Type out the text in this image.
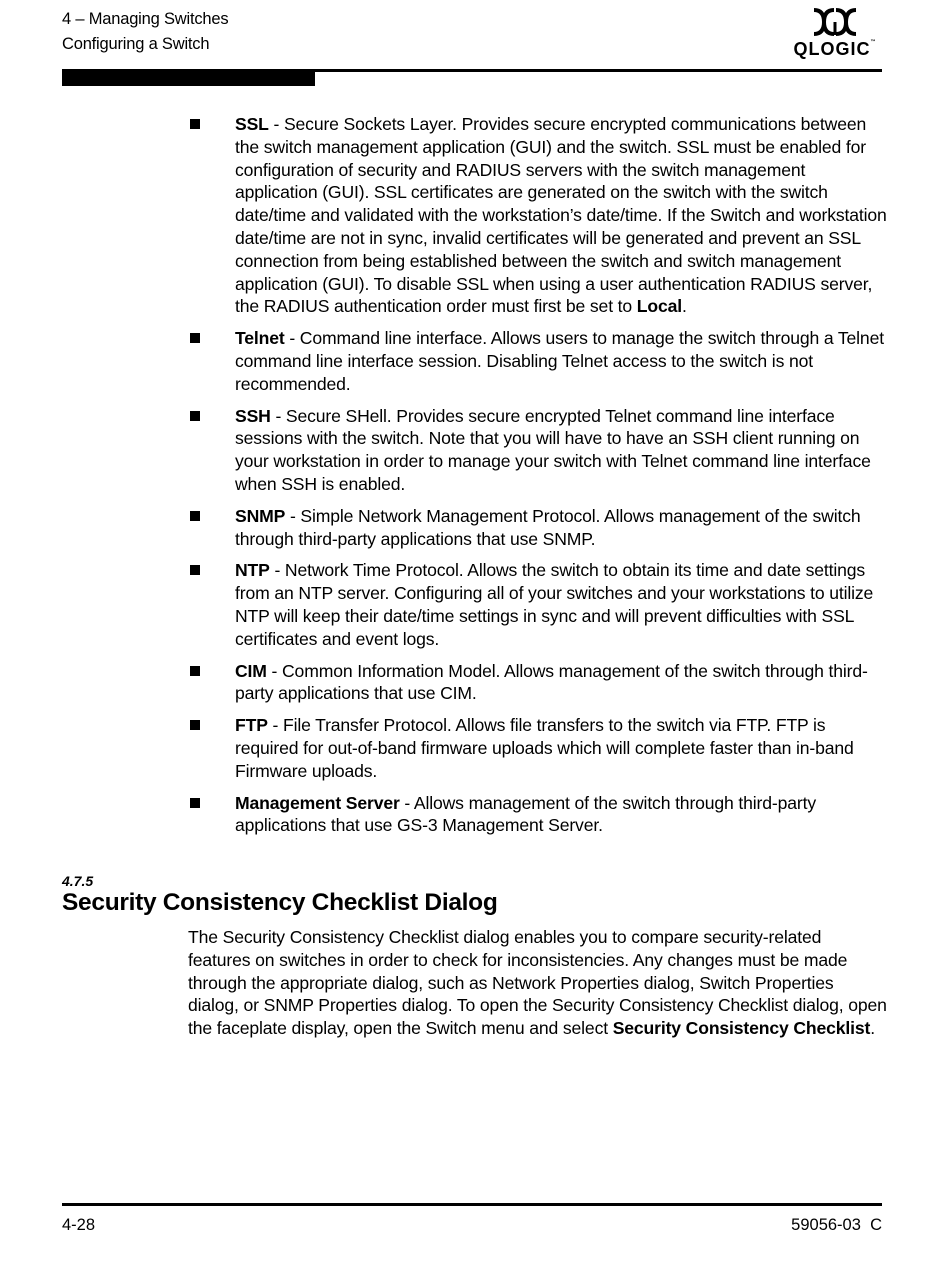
4 – Managing Switches
Configuring a Switch	QLOGIC™
SSL - Secure Sockets Layer. Provides secure encrypted communications between the switch management application (GUI) and the switch. SSL must be enabled for configuration of security and RADIUS servers with the switch management application (GUI). SSL certificates are generated on the switch with the switch date/time and validated with the workstation’s date/time. If the Switch and workstation date/time are not in sync, invalid certificates will be generated and prevent an SSL connection from being established between the switch and switch management application (GUI). To disable SSL when using a user authentication RADIUS server, the RADIUS authentication order must first be set to Local.
Telnet - Command line interface. Allows users to manage the switch through a Telnet command line interface session. Disabling Telnet access to the switch is not recommended.
SSH - Secure SHell. Provides secure encrypted Telnet command line interface sessions with the switch. Note that you will have to have an SSH client running on your workstation in order to manage your switch with Telnet command line interface when SSH is enabled.
SNMP - Simple Network Management Protocol. Allows management of the switch through third-party applications that use SNMP.
NTP - Network Time Protocol. Allows the switch to obtain its time and date settings from an NTP server. Configuring all of your switches and your workstations to utilize NTP will keep their date/time settings in sync and will prevent difficulties with SSL certificates and event logs.
CIM - Common Information Model. Allows management of the switch through third-party applications that use CIM.
FTP - File Transfer Protocol. Allows file transfers to the switch via FTP. FTP is required for out-of-band firmware uploads which will complete faster than in-band Firmware uploads.
Management Server - Allows management of the switch through third-party applications that use GS-3 Management Server.
4.7.5
Security Consistency Checklist Dialog

The Security Consistency Checklist dialog enables you to compare security-related features on switches in order to check for inconsistencies. Any changes must be made through the appropriate dialog, such as Network Properties dialog, Switch Properties dialog, or SNMP Properties dialog. To open the Security Consistency Checklist dialog, open the faceplate display, open the Switch menu and select Security Consistency Checklist.

4-28	59056-03  C
